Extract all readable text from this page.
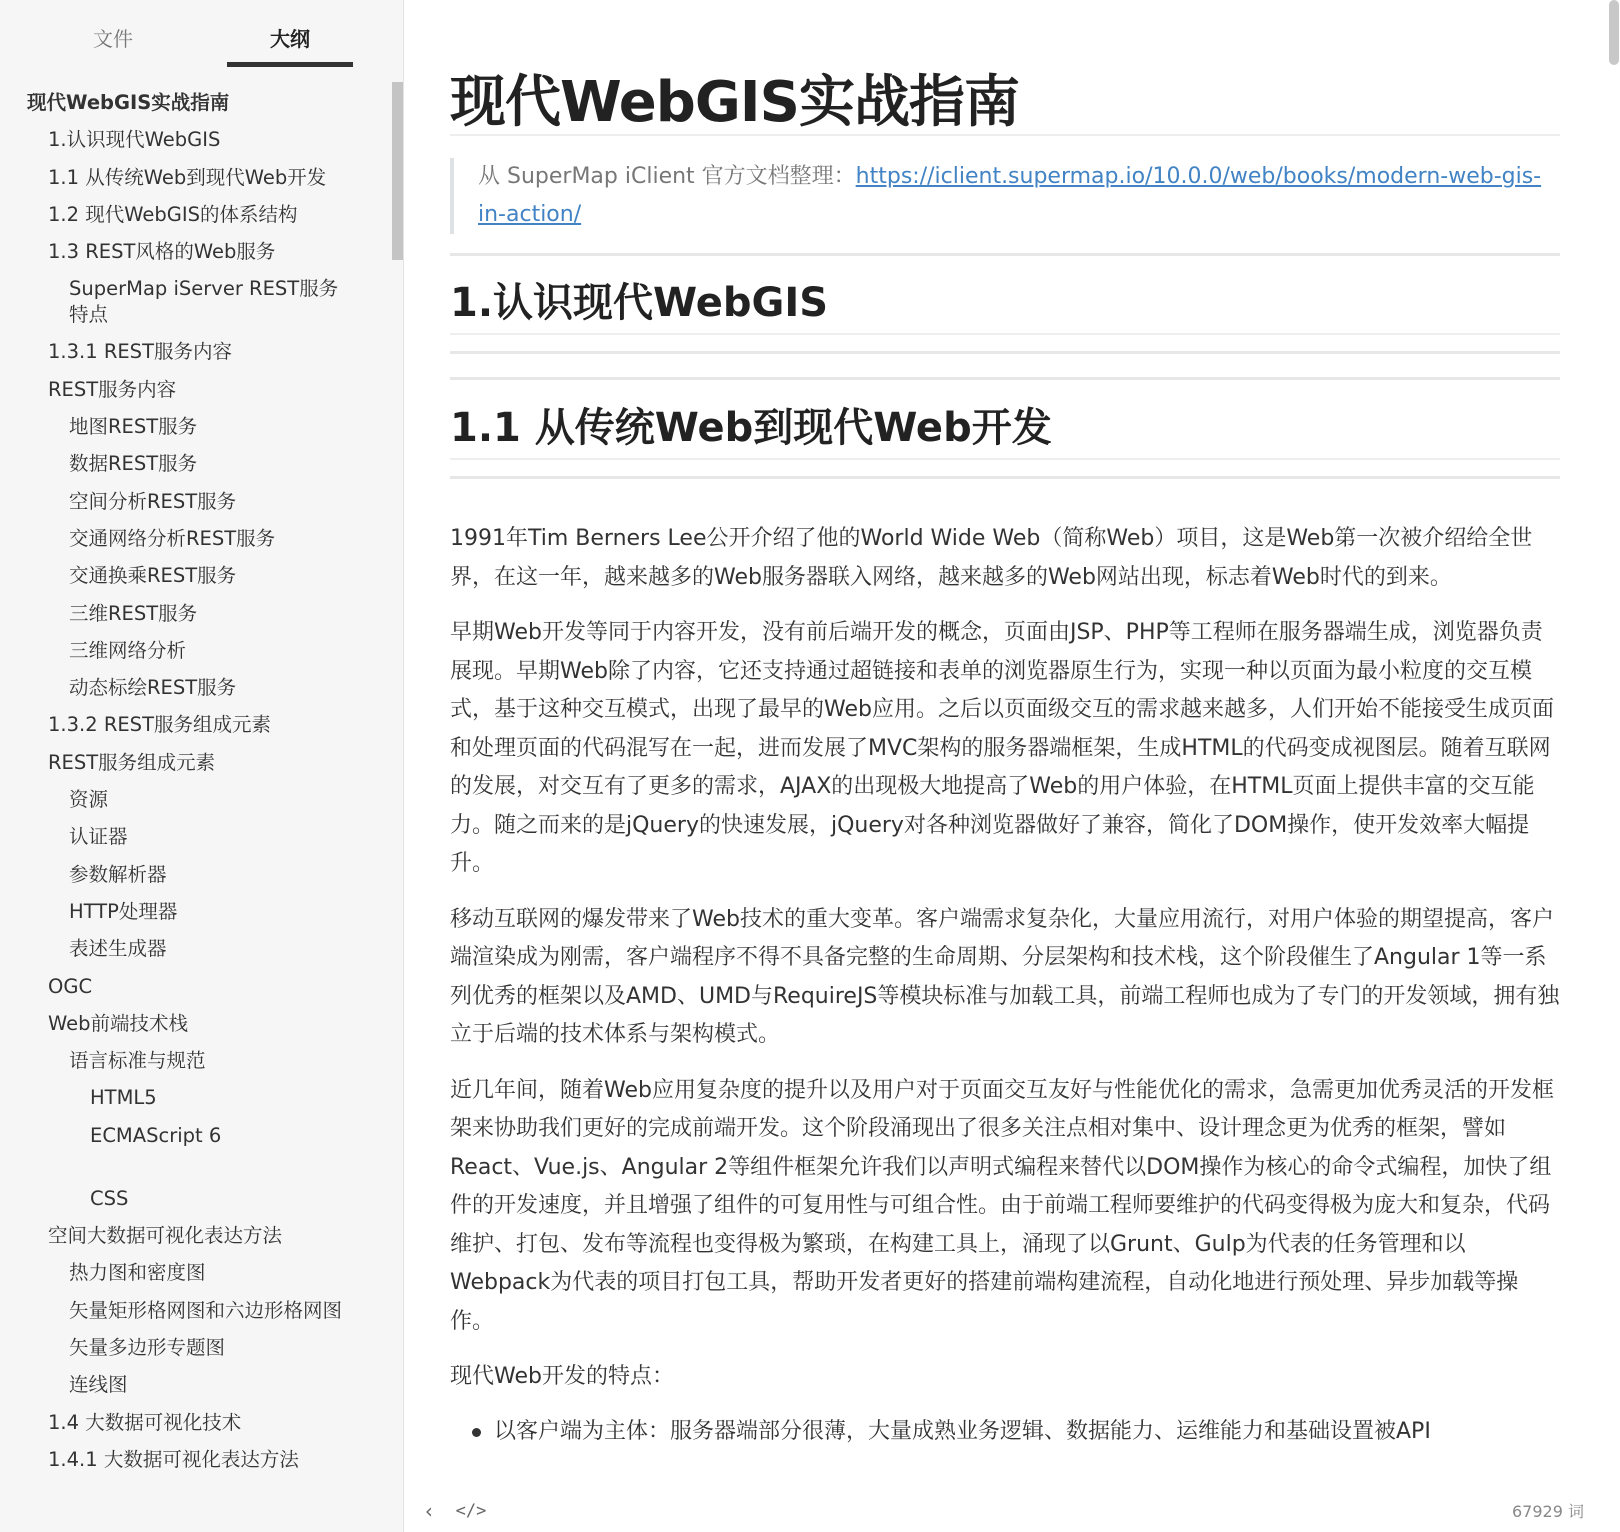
文件	大纲
现代WebGIS实战指南
1.认识现代WebGIS
1.1 从传统Web到现代Web开发
1.2 现代WebGIS的体系结构
1.3 REST风格的Web服务
SuperMap iServer REST服务特点
1.3.1 REST服务内容
REST服务内容
地图REST服务
数据REST服务
空间分析REST服务
交通网络分析REST服务
交通换乘REST服务
三维REST服务
三维网络分析
动态标绘REST服务
1.3.2 REST服务组成元素
REST服务组成元素
资源
认证器
参数解析器
HTTP处理器
表述生成器
OGC
Web前端技术栈
语言标准与规范
HTML5
ECMAScript 6
CSS
空间大数据可视化表达方法
热力图和密度图
矢量矩形格网图和六边形格网图
矢量多边形专题图
连线图
1.4 大数据可视化技术
1.4.1 大数据可视化表达方法
现代WebGIS实战指南
从 SuperMap iClient 官方文档整理：https://iclient.supermap.io/10.0.0/web/books/modern-web-gis-in-action/
1.认识现代WebGIS
1.1 从传统Web到现代Web开发

1991年Tim Berners Lee公开介绍了他的World Wide Web（简称Web）项目，这是Web第一次被介绍给全世界，在这一年，越来越多的Web服务器联入网络，越来越多的Web网站出现，标志着Web时代的到来。

早期Web开发等同于内容开发，没有前后端开发的概念，页面由JSP、PHP等工程师在服务器端生成，浏览器负责展现。早期Web除了内容，它还支持通过超链接和表单的浏览器原生行为，实现一种以页面为最小粒度的交互模式，基于这种交互模式，出现了最早的Web应用。之后以页面级交互的需求越来越多，人们开始不能接受生成页面和处理页面的代码混写在一起，进而发展了MVC架构的服务器端框架，生成HTML的代码变成视图层。随着互联网的发展，对交互有了更多的需求，AJAX的出现极大地提高了Web的用户体验，在HTML页面上提供丰富的交互能力。随之而来的是jQuery的快速发展，jQuery对各种浏览器做好了兼容，简化了DOM操作，使开发效率大幅提升。

移动互联网的爆发带来了Web技术的重大变革。客户端需求复杂化，大量应用流行，对用户体验的期望提高，客户端渲染成为刚需，客户端程序不得不具备完整的生命周期、分层架构和技术栈，这个阶段催生了Angular 1等一系列优秀的框架以及AMD、UMD与RequireJS等模块标准与加载工具，前端工程师也成为了专门的开发领域，拥有独立于后端的技术体系与架构模式。

近几年间，随着Web应用复杂度的提升以及用户对于页面交互友好与性能优化的需求，急需更加优秀灵活的开发框架来协助我们更好的完成前端开发。这个阶段涌现出了很多关注点相对集中、设计理念更为优秀的框架，譬如React、Vue.js、Angular 2等组件框架允许我们以声明式编程来替代以DOM操作为核心的命令式编程，加快了组件的开发速度，并且增强了组件的可复用性与可组合性。由于前端工程师要维护的代码变得极为庞大和复杂，代码维护、打包、发布等流程也变得极为繁琐，在构建工具上，涌现了以Grunt、Gulp为代表的任务管理和以Webpack为代表的项目打包工具，帮助开发者更好的搭建前端构建流程，自动化地进行预处理、异步加载等操作。

现代Web开发的特点：

以客户端为主体：服务器端部分很薄，大量成熟业务逻辑、数据能力、运维能力和基础设置被API
‹	</>	67929 词
